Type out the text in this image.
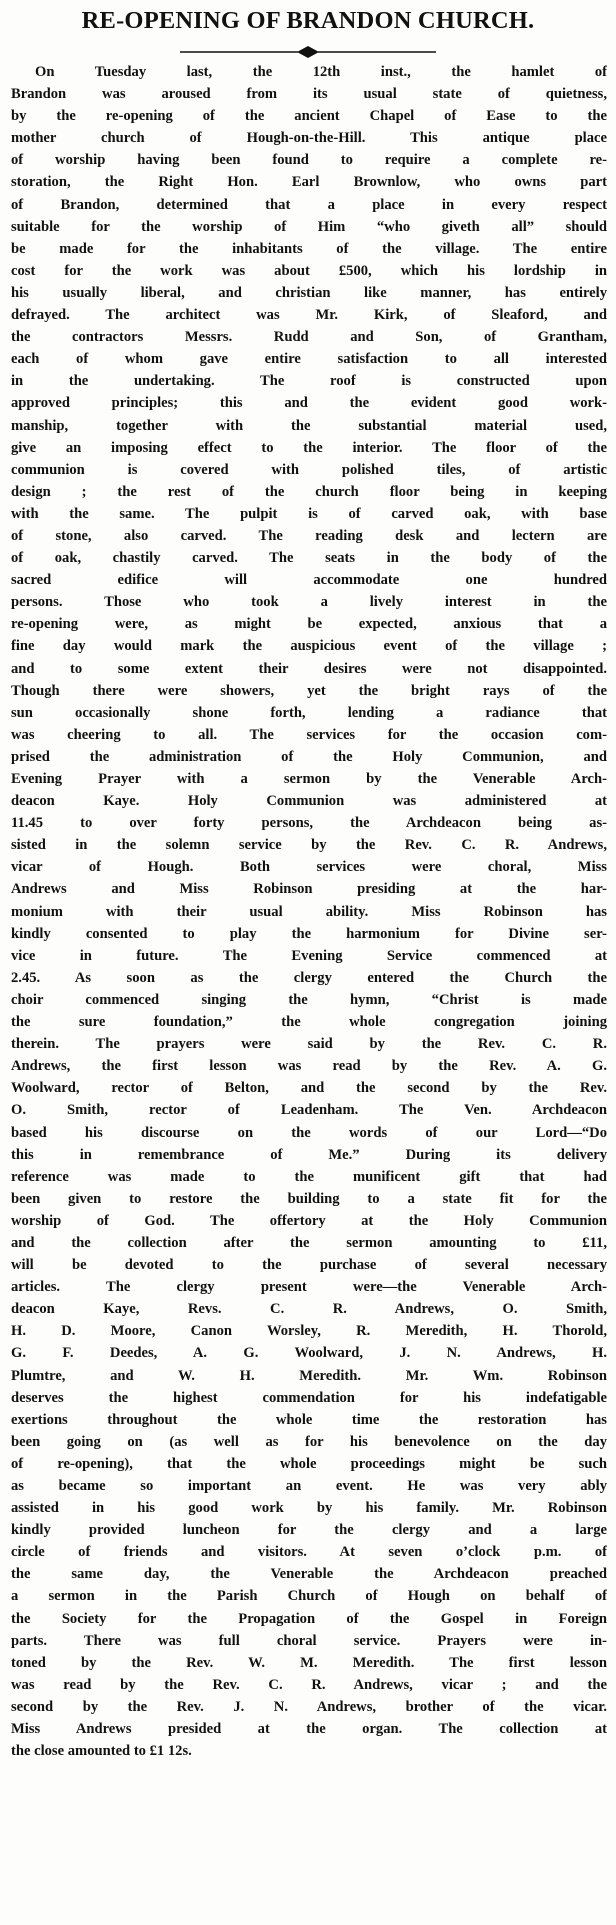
RE-OPENING OF BRANDON CHURCH.
On Tuesday last, the 12th inst., the hamlet of
Brandon was aroused from its usual state of quietness,
by the re-opening of the ancient Chapel of Ease to the
mother church of Hough-on-the-Hill. This antique place
of worship having been found to require a complete re-
storation, the Right Hon. Earl Brownlow, who owns part
of Brandon, determined that a place in every respect
suitable for the worship of Him “who giveth all” should
be made for the inhabitants of the village. The entire
cost for the work was about £500, which his lordship in
his usually liberal, and christian like manner, has entirely
defrayed. The architect was Mr. Kirk, of Sleaford, and
the contractors Messrs. Rudd and Son, of Grantham,
each of whom gave entire satisfaction to all interested
in the undertaking. The roof is constructed upon
approved principles; this and the evident good work-
manship, together with the substantial material used,
give an imposing effect to the interior. The floor of the
communion is covered with polished tiles, of artistic
design ; the rest of the church floor being in keeping
with the same. The pulpit is of carved oak, with base
of stone, also carved. The reading desk and lectern are
of oak, chastily carved. The seats in the body of the
sacred edifice will accommodate one hundred
persons. Those who took a lively interest in the
re-opening were, as might be expected, anxious that a
fine day would mark the auspicious event of the village ;
and to some extent their desires were not disappointed.
Though there were showers, yet the bright rays of the
sun occasionally shone forth, lending a radiance that
was cheering to all. The services for the occasion com-
prised the administration of the Holy Communion, and
Evening Prayer with a sermon by the Venerable Arch-
deacon Kaye. Holy Communion was administered at
11.45 to over forty persons, the Archdeacon being as-
sisted in the solemn service by the Rev. C. R. Andrews,
vicar of Hough. Both services were choral, Miss
Andrews and Miss Robinson presiding at the har-
monium with their usual ability. Miss Robinson has
kindly consented to play the harmonium for Divine ser-
vice in future. The Evening Service commenced at
2.45. As soon as the clergy entered the Church the
choir commenced singing the hymn, “Christ is made
the sure foundation,” the whole congregation joining
therein. The prayers were said by the Rev. C. R.
Andrews, the first lesson was read by the Rev. A. G.
Woolward, rector of Belton, and the second by the Rev.
O. Smith, rector of Leadenham. The Ven. Archdeacon
based his discourse on the words of our Lord—“Do
this in remembrance of Me.” During its delivery
reference was made to the munificent gift that had
been given to restore the building to a state fit for the
worship of God. The offertory at the Holy Communion
and the collection after the sermon amounting to £11,
will be devoted to the purchase of several necessary
articles. The clergy present were—the Venerable Arch-
deacon Kaye, Revs. C. R. Andrews, O. Smith,
H. D. Moore, Canon Worsley, R. Meredith, H. Thorold,
G. F. Deedes, A. G. Woolward, J. N. Andrews, H.
Plumtre, and W. H. Meredith. Mr. Wm. Robinson
deserves the highest commendation for his indefatigable
exertions throughout the whole time the restoration has
been going on (as well as for his benevolence on the day
of re-opening), that the whole proceedings might be such
as became so important an event. He was very ably
assisted in his good work by his family. Mr. Robinson
kindly provided luncheon for the clergy and a large
circle of friends and visitors. At seven o’clock p.m. of
the same day, the Venerable the Archdeacon preached
a sermon in the Parish Church of Hough on behalf of
the Society for the Propagation of the Gospel in Foreign
parts. There was full choral service. Prayers were in-
toned by the Rev. W. M. Meredith. The first lesson
was read by the Rev. C. R. Andrews, vicar ; and the
second by the Rev. J. N. Andrews, brother of the vicar.
Miss Andrews presided at the organ. The collection at
the close amounted to £1 12s.
